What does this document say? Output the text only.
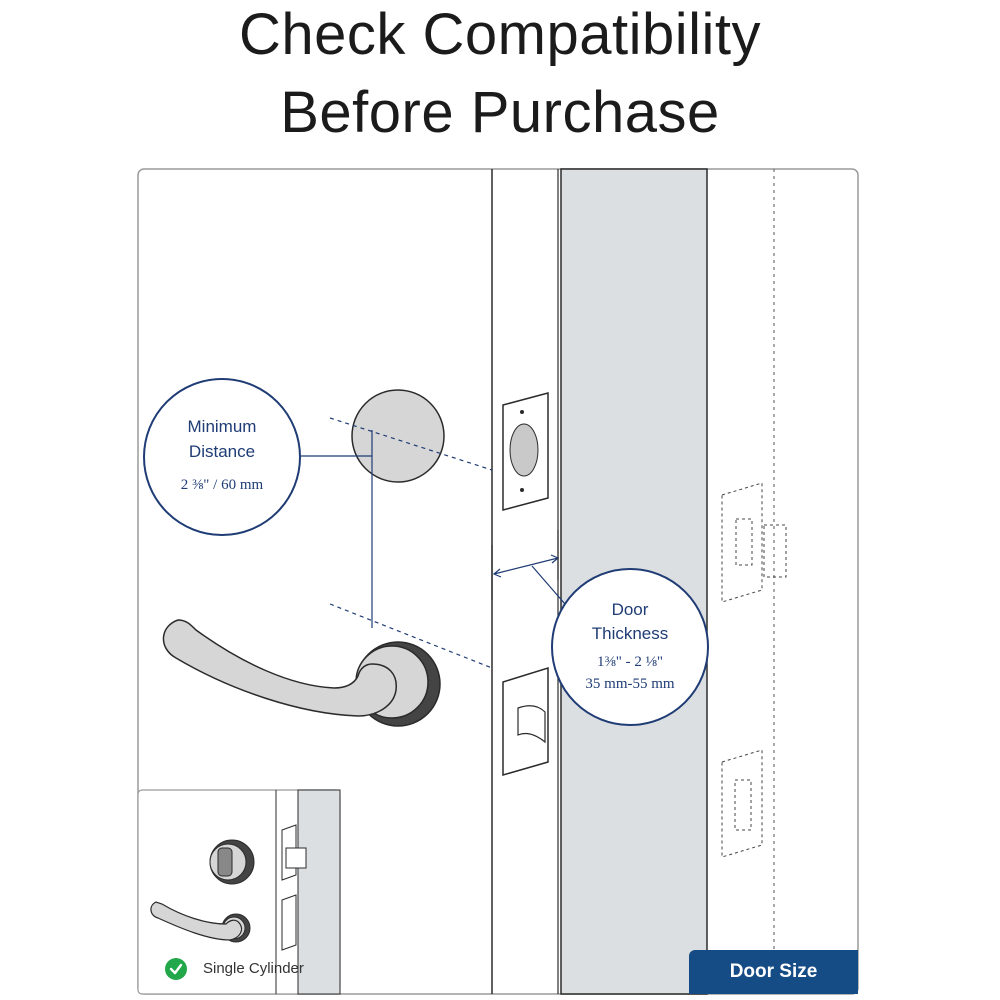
Check Compatibility
Before Purchase
Minimum
Distance
2 ⅜" / 60 mm
Door
Thickness
1⅜" - 2 ⅛"
35 mm-55 mm
Single Cylinder	Door Size
